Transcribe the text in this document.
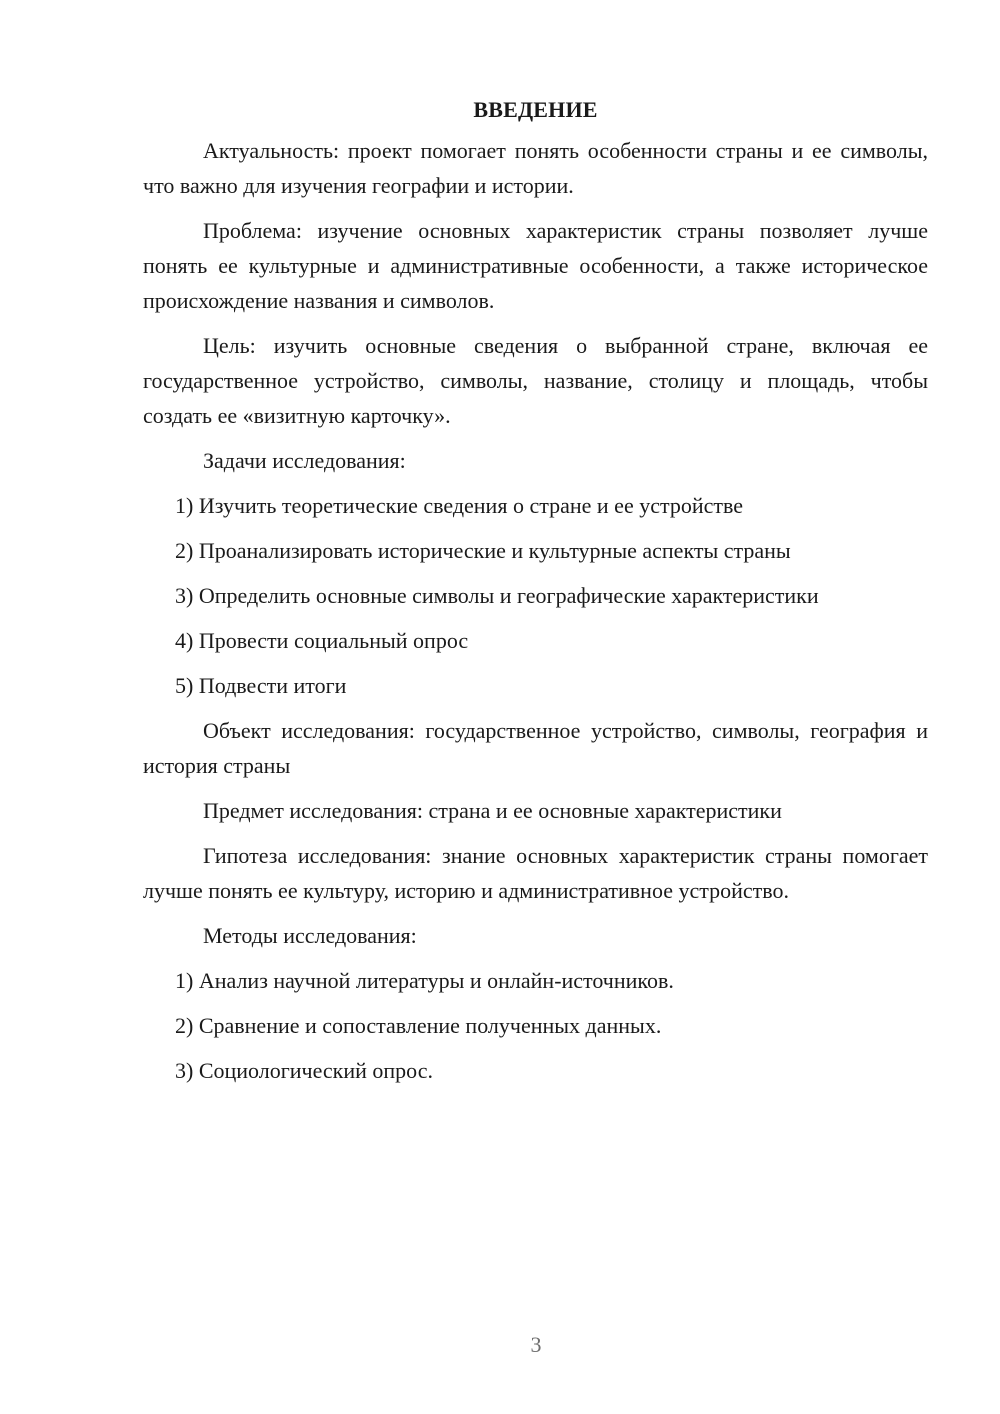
ВВЕДЕНИЕ

Актуальность: проект помогает понять особенности страны и ее символы, что важно для изучения географии и истории.

Проблема: изучение основных характеристик страны позволяет лучше понять ее культурные и административные особенности, а также историческое происхождение названия и символов.

Цель: изучить основные сведения о выбранной стране, включая ее государственное устройство, символы, название, столицу и площадь, чтобы создать ее «визитную карточку».

Задачи исследования:

1) Изучить теоретические сведения о стране и ее устройстве
2) Проанализировать исторические и культурные аспекты страны
3) Определить основные символы и географические характеристики
4) Провести социальный опрос
5) Подвести итоги

Объект исследования: государственное устройство, символы, география и история страны

Предмет исследования: страна и ее основные характеристики

Гипотеза исследования: знание основных характеристик страны помогает лучше понять ее культуру, историю и административное устройство.

Методы исследования:

1) Анализ научной литературы и онлайн-источников.
2) Сравнение и сопоставление полученных данных.
3) Социологический опрос.
3
